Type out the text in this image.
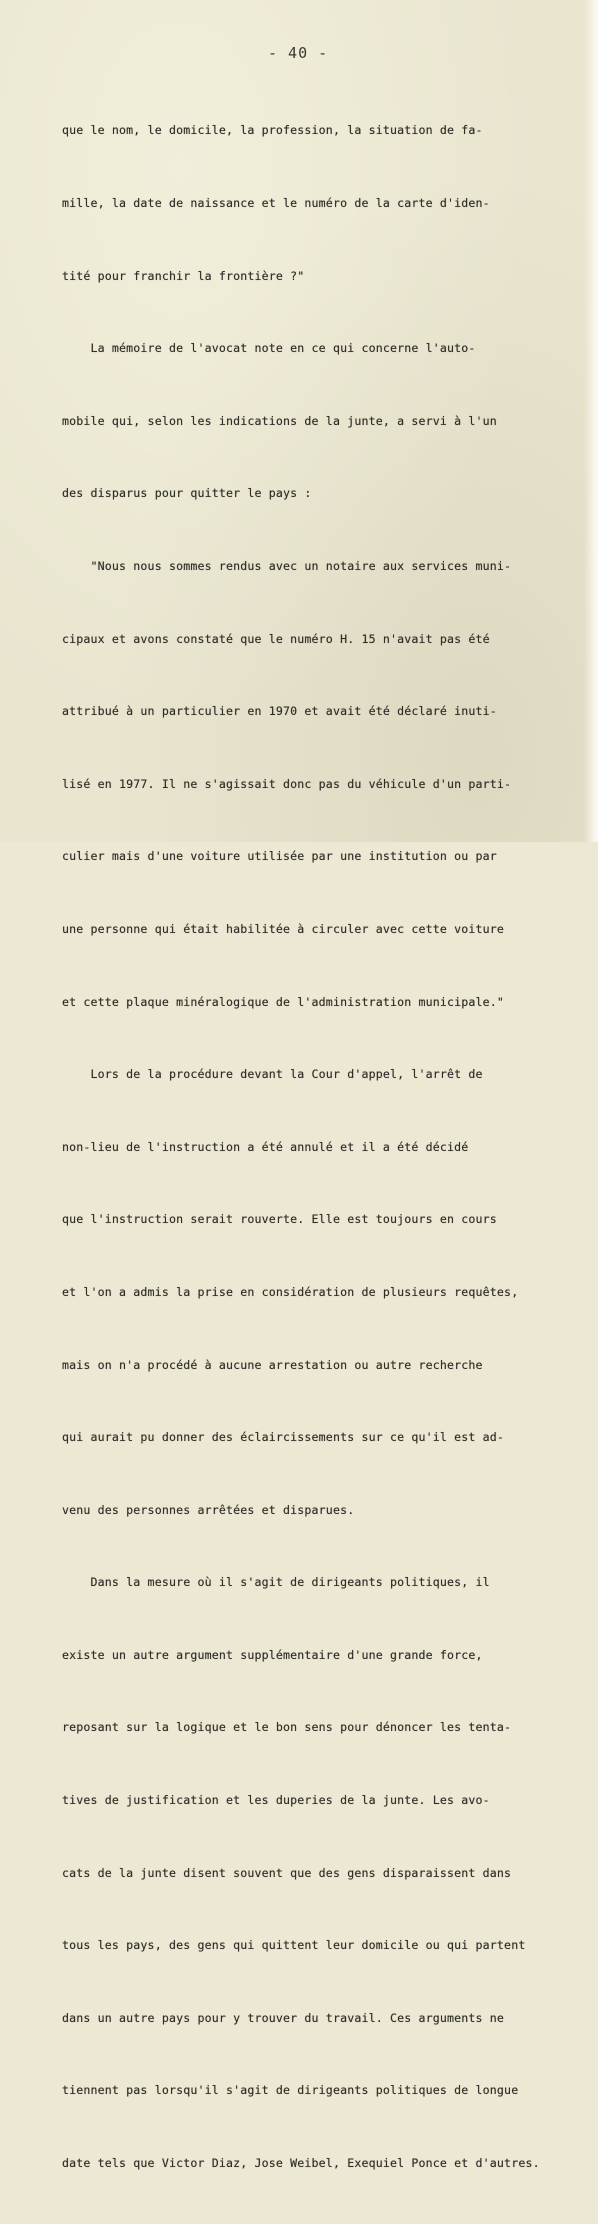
- 40 -

que le nom, le domicile, la profession, la situation de fa-

mille, la date de naissance et le numéro de la carte d'iden-

tité pour franchir la frontière ?"

La mémoire de l'avocat note en ce qui concerne l'auto-

mobile qui, selon les indications de la junte, a servi à l'un

des disparus pour quitter le pays :

"Nous nous sommes rendus avec un notaire aux services muni-

cipaux et avons constaté que le numéro H. 15 n'avait pas été

attribué à un particulier en 1970 et avait été déclaré inuti-

lisé en 1977. Il ne s'agissait donc pas du véhicule d'un parti-

culier mais d'une voiture utilisée par une institution ou par

une personne qui était habilitée à circuler avec cette voiture

et cette plaque minéralogique de l'administration municipale."

Lors de la procédure devant la Cour d'appel, l'arrêt de

non-lieu de l'instruction a été annulé et il a été décidé

que l'instruction serait rouverte. Elle est toujours en cours

et l'on a admis la prise en considération de plusieurs requêtes,

mais on n'a procédé à aucune arrestation ou autre recherche

qui aurait pu donner des éclaircissements sur ce qu'il est ad-

venu des personnes arrêtées et disparues.

Dans la mesure où il s'agit de dirigeants politiques, il

existe un autre argument supplémentaire d'une grande force,

reposant sur la logique et le bon sens pour dénoncer les tenta-

tives de justification et les duperies de la junte. Les avo-

cats de la junte disent souvent que des gens disparaissent dans

tous les pays, des gens qui quittent leur domicile ou qui partent

dans un autre pays pour y trouver du travail. Ces arguments ne

tiennent pas lorsqu'il s'agit de dirigeants politiques de longue

date tels que Victor Diaz, Jose Weibel, Exequiel Ponce et d'autres.
